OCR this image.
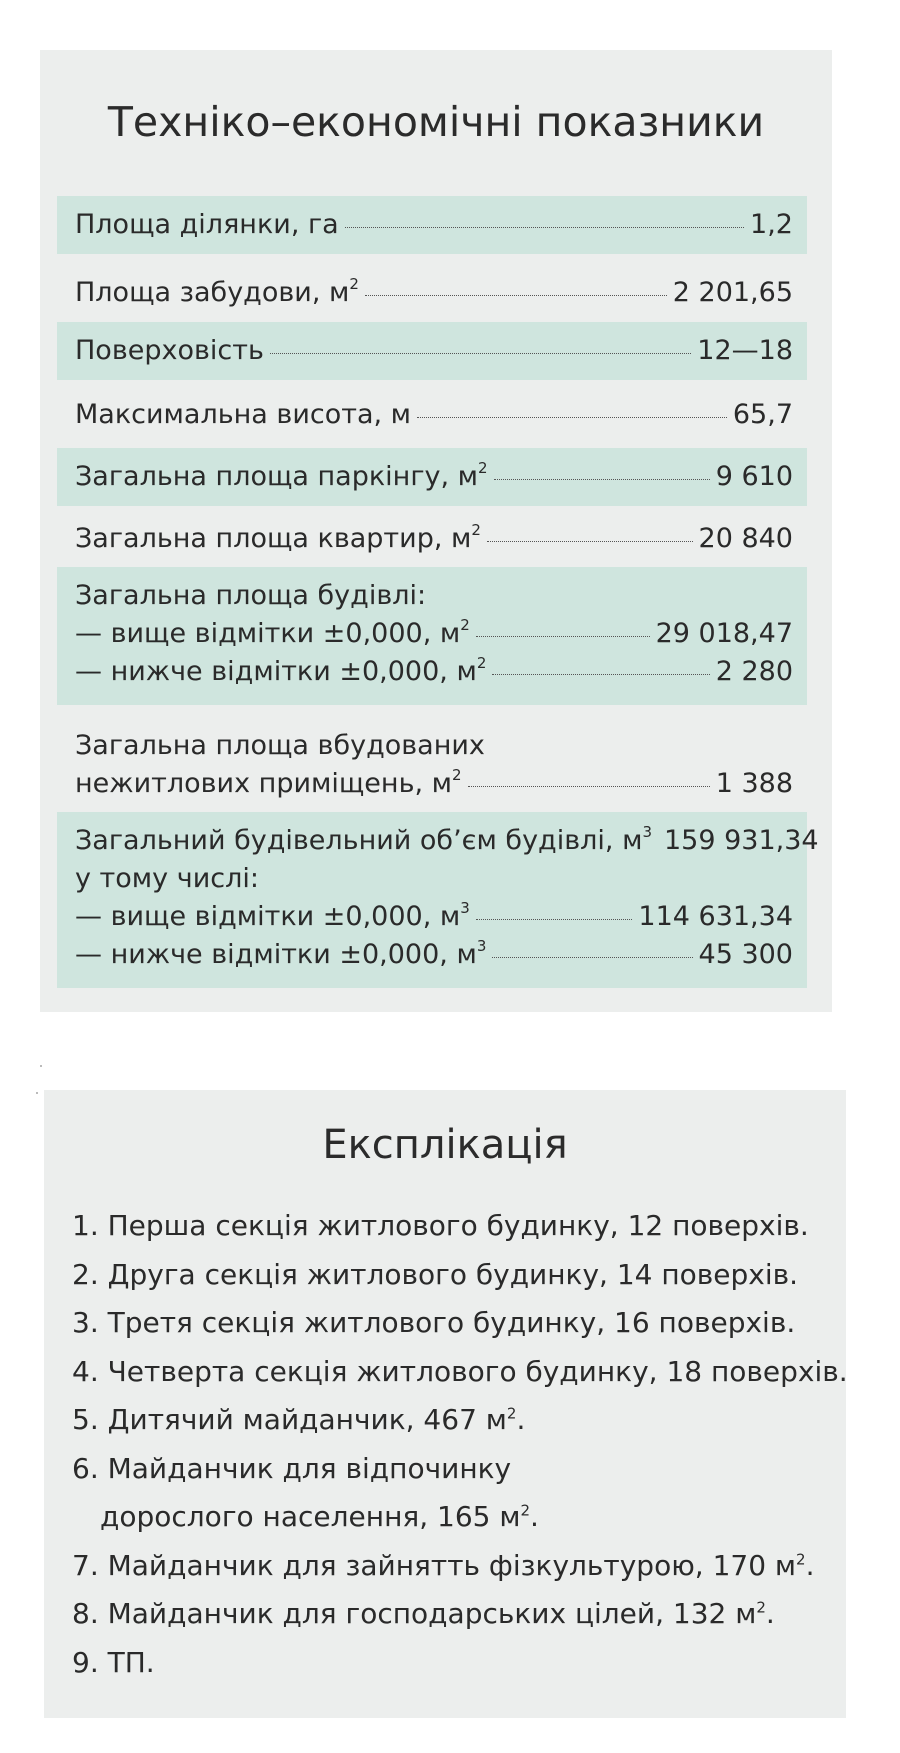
Техніко–економічні показники
Площа ділянки, га	1,2
Площа забудови, $м^2$	2 201,65
Поверховість	12—18
Максимальна висота, м	65,7
Загальна площа паркінгу, $м^2$	9 610
Загальна площа квартир, $м^2$	20 840
Загальна площа будівлі:
— вище відмітки ±0,000, $м^2$	29 018,47
— нижче відмітки ±0,000, $м^2$	2 280
Загальна площа вбудованих
нежитлових приміщень, $м^2$	1 388
Загальний будівельний об’єм будівлі, $м^3$ 159 931,34
у тому числі:
— вище відмітки ±0,000, $м^3$	114 631,34
— нижче відмітки ±0,000, $м^3$	45 300
Експлікація
1. Перша секція житлового будинку, 12 поверхів.
2. Друга секція житлового будинку, 14 поверхів.
3. Третя секція житлового будинку, 16 поверхів.
4. Четверта секція житлового будинку, 18 поверхів.
5. Дитячий майданчик, 467 $м^2$.
6. Майданчик для відпочинку
дорослого населення, 165 $м^2$.
7. Майданчик для зайнятть фізкультурою, 170 $м^2$.
8. Майданчик для господарських цілей, 132 $м^2$.
9. ТП.
